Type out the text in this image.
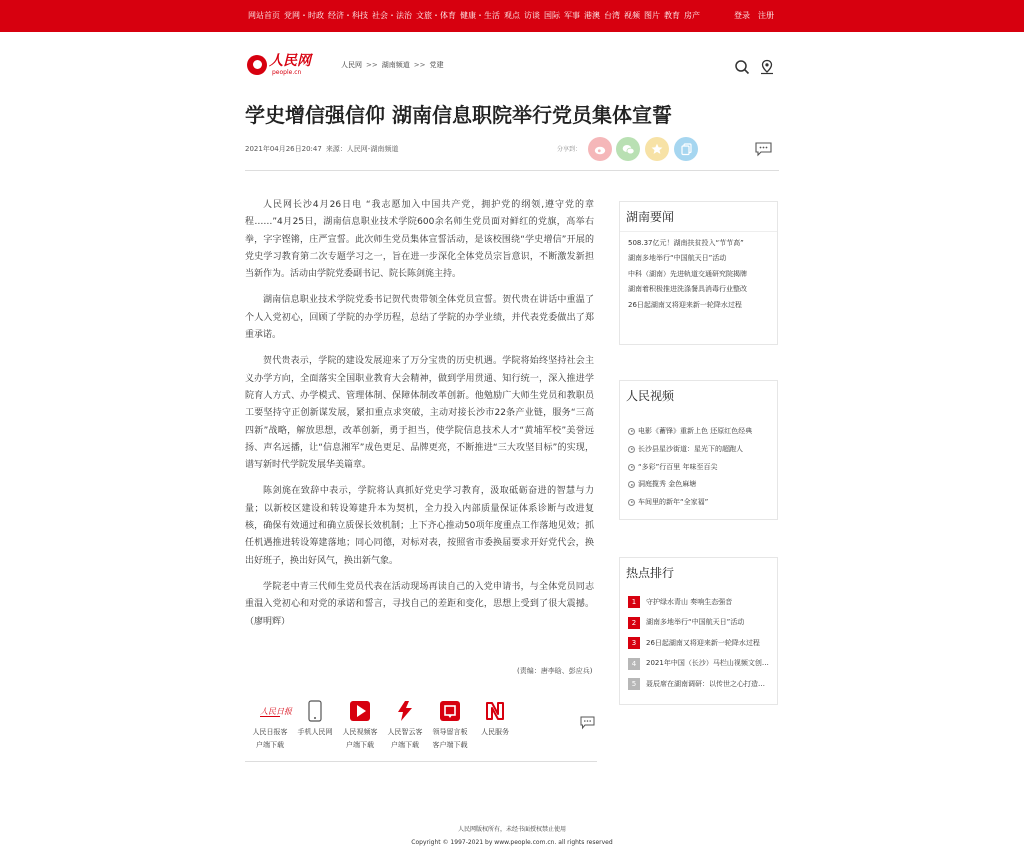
网站首页 党网・时政 经济・科技 社会・法治 文旅・体育 健康・生活 观点 访谈 国际 军事 港澳 台湾 视频 图片 教育 房产	登录 注册
人民网
people.cn
人民网 >> 湖南频道 >> 党建
学史增信强信仰 湖南信息职院举行党员集体宣誓
2021年04月26日20:47 来源：人民网-湖南频道	分享到：

人民网长沙4月26日电 “我志愿加入中国共产党，拥护党的纲领,遵守党的章程……”4月25日，湖南信息职业技术学院600余名师生党员面对鲜红的党旗，高举右拳，字字铿锵，庄严宣誓。此次师生党员集体宣誓活动，是该校围绕“学史增信”开展的党史学习教育第二次专题学习之一，旨在进一步深化全体党员宗旨意识，不断激发新担当新作为。活动由学院党委副书记、院长陈剑旄主持。

湖南信息职业技术学院党委书记贺代贵带领全体党员宣誓。贺代贵在讲话中重温了个人入党初心，回顾了学院的办学历程，总结了学院的办学业绩，并代表党委做出了郑重承诺。

贺代贵表示，学院的建设发展迎来了万分宝贵的历史机遇。学院将始终坚持社会主义办学方向，全面落实全国职业教育大会精神，做到学用贯通、知行统一，深入推进学院育人方式、办学模式、管理体制、保障体制改革创新。他勉励广大师生党员和教职员工要坚持守正创新谋发展，紧扣重点求突破，主动对接长沙市22条产业链，服务“三高四新”战略，解放思想，改革创新，勇于担当，使学院信息技术人才“黄埔军校”美誉远扬、声名远播，让“信息湘军”成色更足、品牌更亮，不断推进“三大攻坚目标”的实现，谱写新时代学院发展华美篇章。

陈剑旄在致辞中表示，学院将认真抓好党史学习教育，汲取砥砺奋进的智慧与力量；以新校区建设和转设筹建升本为契机，全力投入内部质量保证体系诊断与改进复核，确保有效通过和确立质保长效机制；上下齐心推动50项年度重点工作落地见效；抓任机遇推进转设筹建落地；同心同德，对标对表，按照省市委换届要求开好党代会，换出好班子，换出好风气，换出新气象。

学院老中青三代师生党员代表在活动现场再读自己的入党申请书，与全体党员同志重温入党初心和对党的承诺和誓言，寻找自己的差距和变化，思想上受到了很大震撼。（廖明辉）

(责编：唐李晗、彭应兵)
人民日报
人民日报客
户端下载
手机人民网	人民视频客
户端下载
人民智云客
户端下载
领导留言板
客户端下载
人民服务
湖南要闻
508.37亿元！湖南扶贫投入“节节高”
湖南多地举行“中国航天日”活动
中科（湖南）先进轨道交通研究院揭牌
湖南着积极推进洗涤餐具消毒行业整改
26日起湖南又将迎来新一轮降水过程
人民视频
电影《蓄锋》重新上色 还原红色经典
长沙县星沙街道：星光下的超跑人
“多彩”行百里 年味至百尖
洞庭揽秀 金色麻塘
车间里的新年“全家福”
热点排行
1	守护绿水青山 奏响生态强音
2	湖南多地举行“中国航天日”活动
3	26日起湖南又将迎来新一轮降水过程
4	2021年中国（长沙）马栏山视频文创…
5	聂辰席在湖南调研：以传世之心打造…
人民网版权所有，未经书面授权禁止使用
Copyright © 1997-2021 by www.people.com.cn. all rights reserved
